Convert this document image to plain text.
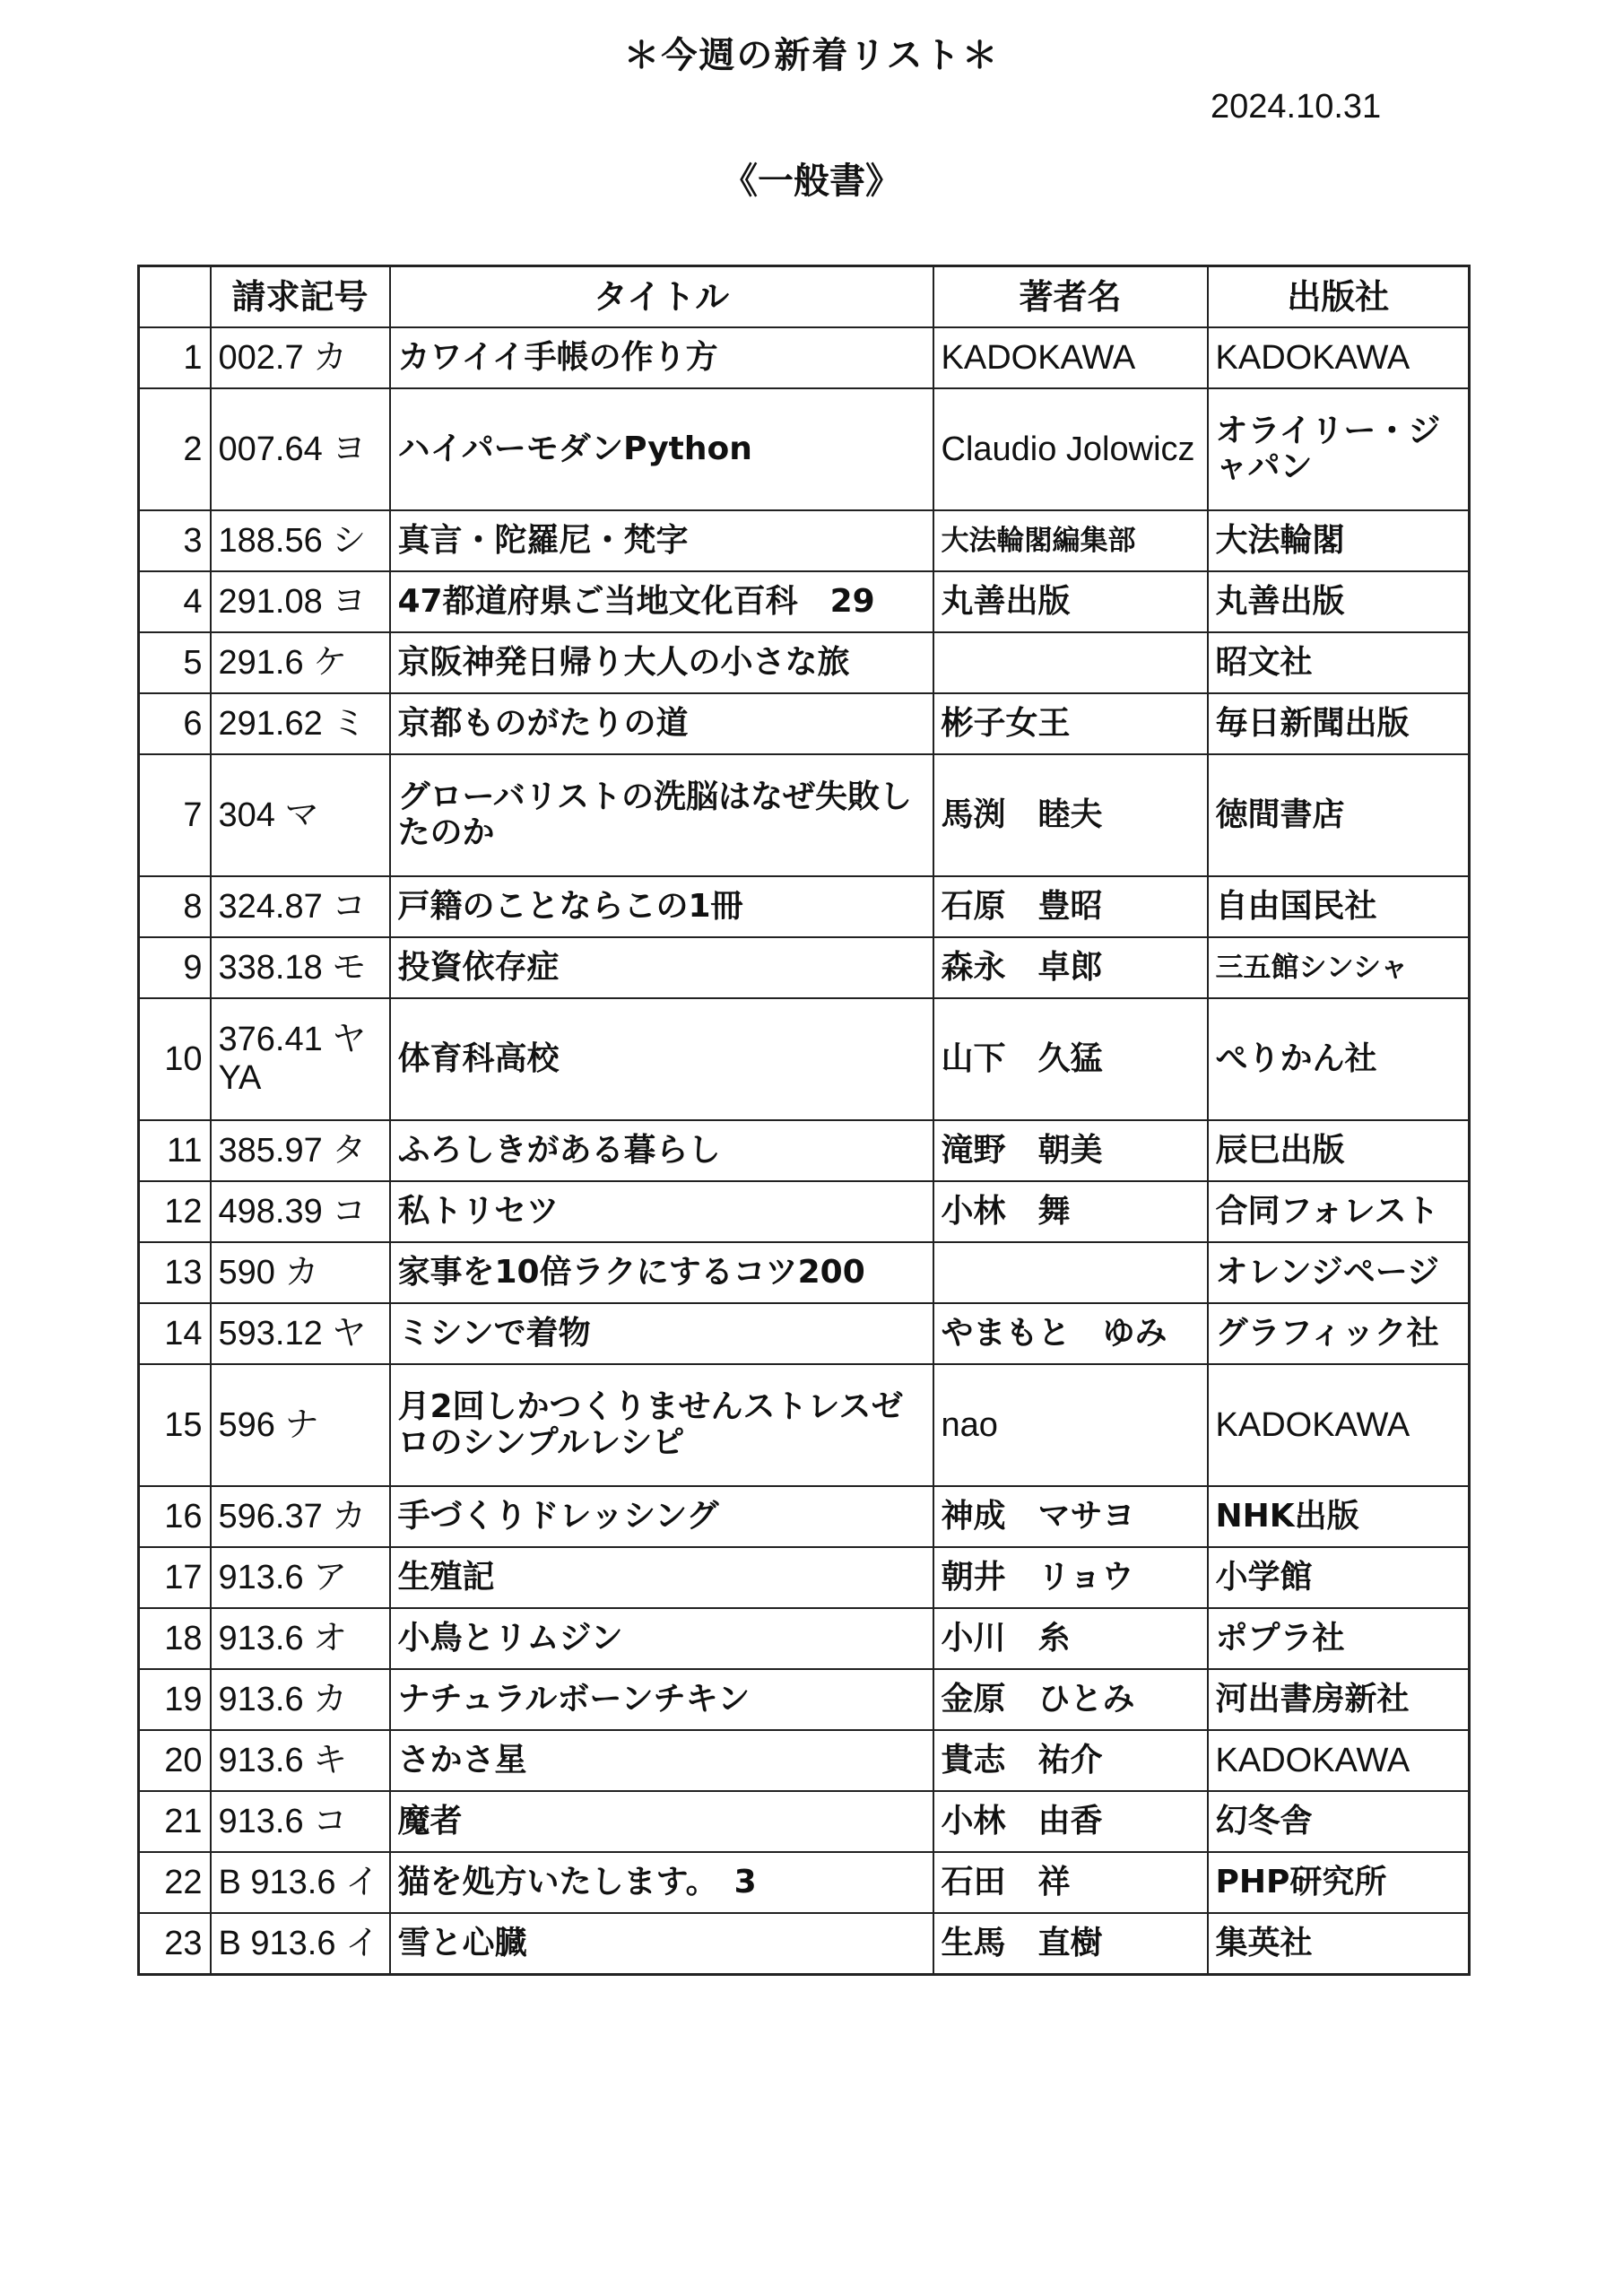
＊今週の新着リスト＊
2024.10.31
《一般書》
	請求記号	タイトル	著者名	出版社
1	002.7 カ	カワイイ手帳の作り方	KADOKAWA	KADOKAWA
2	007.64 ヨ	ハイパーモダンPython	Claudio Jolowicz	オライリー・ジャパン
3	188.56 シ	真言・陀羅尼・梵字	大法輪閣編集部	大法輪閣
4	291.08 ヨ	47都道府県ご当地文化百科　29	丸善出版	丸善出版
5	291.6 ケ	京阪神発日帰り大人の小さな旅		昭文社
6	291.62 ミ	京都ものがたりの道	彬子女王	毎日新聞出版
7	304 マ	グローバリストの洗脳はなぜ失敗したのか	馬渕　睦夫	徳間書店
8	324.87 コ	戸籍のことならこの1冊	石原　豊昭	自由国民社
9	338.18 モ	投資依存症	森永　卓郎	三五館シンシャ
10	376.41 ヤ YA	体育科高校	山下　久猛	ぺりかん社
11	385.97 タ	ふろしきがある暮らし	滝野　朝美	辰巳出版
12	498.39 コ	私トリセツ	小林　舞	合同フォレスト
13	590 カ	家事を10倍ラクにするコツ200		オレンジページ
14	593.12 ヤ	ミシンで着物	やまもと　ゆみ	グラフィック社
15	596 ナ	月2回しかつくりませんストレスゼロのシンプルレシピ	nao	KADOKAWA
16	596.37 カ	手づくりドレッシング	神成　マサヨ	NHK出版
17	913.6 ア	生殖記	朝井　リョウ	小学館
18	913.6 オ	小鳥とリムジン	小川　糸	ポプラ社
19	913.6 カ	ナチュラルボーンチキン	金原　ひとみ	河出書房新社
20	913.6 キ	さかさ星	貴志　祐介	KADOKAWA
21	913.6 コ	魔者	小林　由香	幻冬舎
22	B 913.6 イ	猫を処方いたします。　3	石田　祥	PHP研究所
23	B 913.6 イ	雪と心臓	生馬　直樹	集英社
